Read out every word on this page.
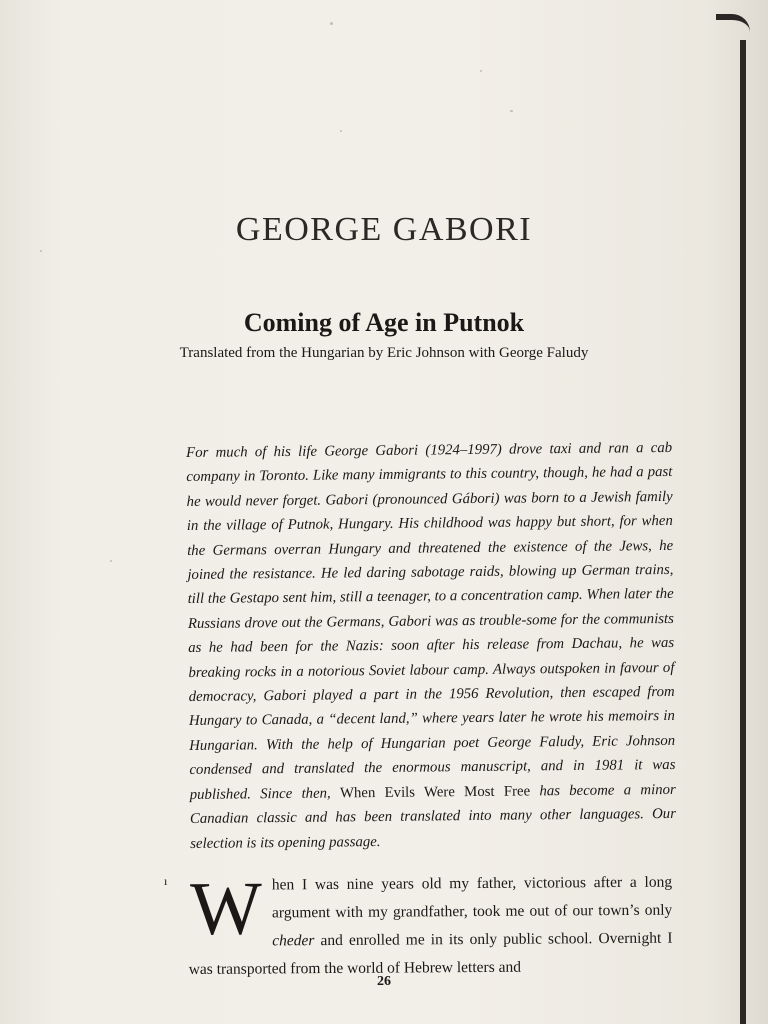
GEORGE GABORI
Coming of Age in Putnok
Translated from the Hungarian by Eric Johnson with George Faludy

For much of his life George Gabori (1924–1997) drove taxi and ran a cab company in Toronto. Like many immigrants to this country, though, he had a past he would never forget. Gabori (pronounced Gábori) was born to a Jewish family in the village of Putnok, Hungary. His childhood was happy but short, for when the Germans overran Hungary and threatened the existence of the Jews, he joined the resistance. He led daring sabotage raids, blowing up German trains, till the Gestapo sent him, still a teenager, to a concentration camp. When later the Russians drove out the Germans, Gabori was as trouble-some for the communists as he had been for the Nazis: soon after his release from Dachau, he was breaking rocks in a notorious Soviet labour camp. Always outspoken in favour of democracy, Gabori played a part in the 1956 Revolution, then escaped from Hungary to Canada, a “decent land,” where years later he wrote his memoirs in Hungarian. With the help of Hungarian poet George Faludy, Eric Johnson condensed and translated the enormous manuscript, and in 1981 it was published. Since then, When Evils Were Most Free has become a minor Canadian classic and has been translated into many other languages. Our selection is its opening passage.

ı When I was nine years old my father, victorious after a long argument with my grandfather, took me out of our town’s only cheder and enrolled me in its only public school. Overnight I was transported from the world of Hebrew letters and

26
